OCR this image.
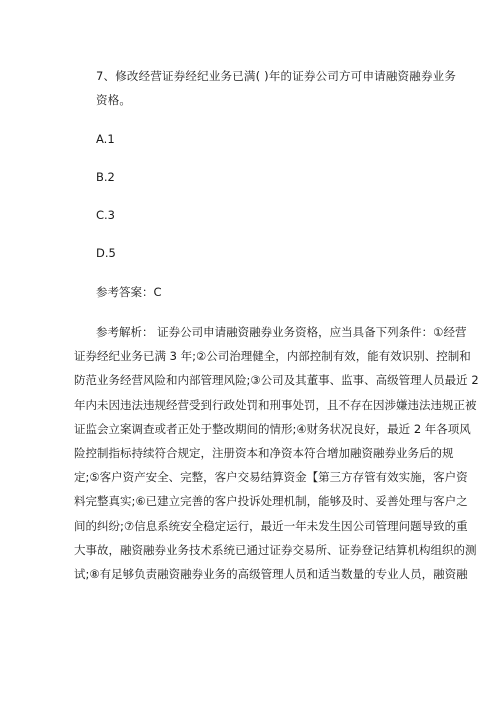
7、修改经营证券经纪业务已满( )年的证券公司方可申请融资融券业务
资格。
A.1
B.2
C.3
D.5
参考答案：C
参考解析： 证券公司申请融资融券业务资格，应当具备下列条件：①经营
证券经纪业务已满 3 年;②公司治理健全，内部控制有效，能有效识别、控制和
防范业务经营风险和内部管理风险;③公司及其董事、监事、高级管理人员最近 2
年内未因违法违规经营受到行政处罚和刑事处罚，且不存在因涉嫌违法违规正被
证监会立案调查或者正处于整改期间的情形;④财务状况良好，最近 2 年各项风
险控制指标持续符合规定，注册资本和净资本符合增加融资融券业务后的规
定;⑤客户资产安全、完整，客户交易结算资金【第三方存管有效实施，客户资
料完整真实;⑥已建立完善的客户投诉处理机制，能够及时、妥善处理与客户之
间的纠纷;⑦信息系统安全稳定运行，最近一年未发生因公司管理问题导致的重
大事故，融资融券业务技术系统已通过证券交易所、证券登记结算机构组织的测
试;⑧有足够负责融资融券业务的高级管理人员和适当数量的专业人员，融资融
